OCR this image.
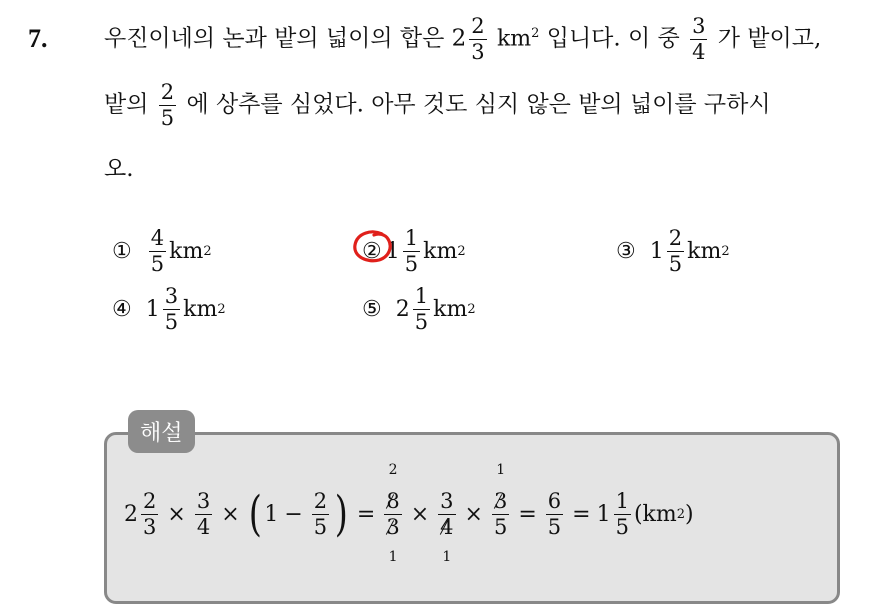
7. 우진이네의 논과 밭의 넓이의 합은 $2 \frac{2}{3} km^2$ 입니다. 이 중 $\frac{3}{4}$ 가 밭이고,
밭의 $\frac{2}{5}$ 에 상추를 심었다. 아무 것도 심지 않은 밭의 넓이를 구하시
오.
① $\frac{4}{5}$ km 2	② $1 \frac{1}{5}$ km 2	③ $1 \frac{2}{5}$ km 2
④ $1 \frac{3}{5}$ km 2	⑤ $2 \frac{1}{5}$ km 2
해설
$2 \frac{2}{3} \times \frac{3}{4}$ × ( $1 - \frac{2}{5}$ ) =
2
8
3
1
×
3
4
1
×
1
3
$5 = \frac{6}{5} = 1 \frac{1}{5} (km$ 2 )
